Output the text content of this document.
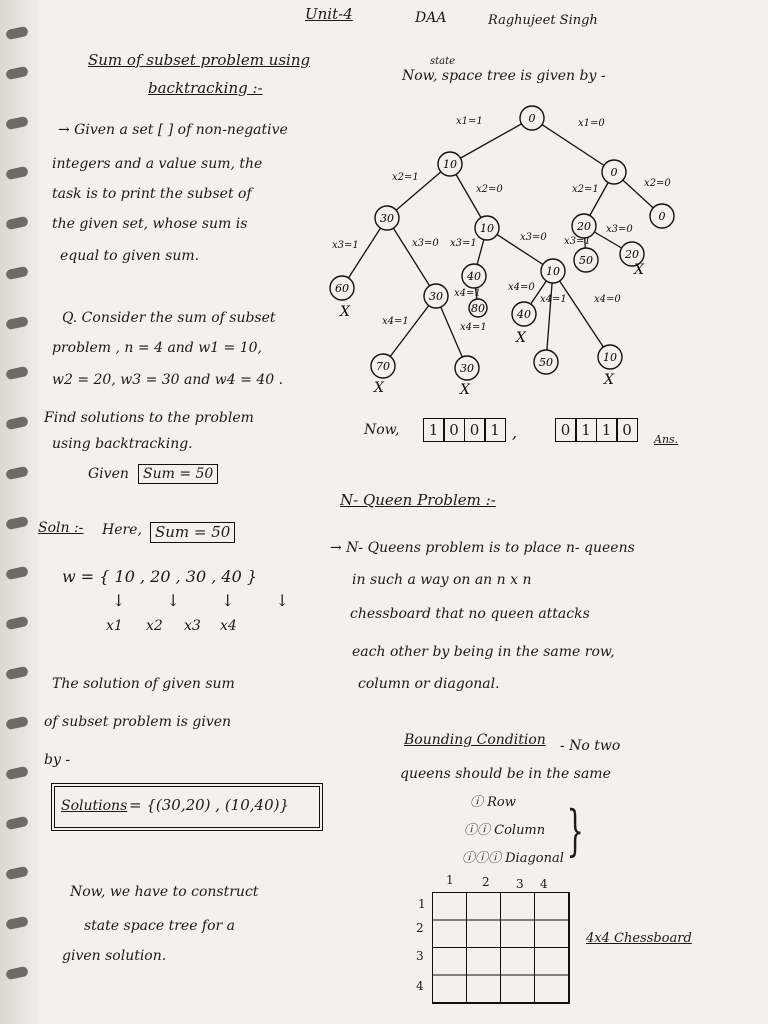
Unit-4	DAA	Raghujeet Singh
Sum of subset problem using
backtracking :-
→ Given a set [ ] of non-negative
integers and a value sum, the
task is to print the subset of
the given set, whose sum is
equal to given sum.
Q. Consider the sum of subset
problem , n = 4 and w1 = 10,
w2 = 20, w3 = 30 and w4 = 40 .
Find solutions to the problem
using backtracking.
Given	Sum = 50
Soln :- Here, Sum = 50
w = { 10 , 20 , 30 , 40 }
↓ ↓ ↓ ↓
x1 x2 x3 x4
The solution of given sum
of subset problem is given
by -
Solutions = {(30,20) , (10,40)}
Now, we have to construct
state space tree for a
given solution.
state
Now, space tree is given by -
0
10
0
30
10	20
0
60
30
40	10
50	20
80	40
70	30	50	10
x1=1	x1=0
x2=1
x2=0	x2=1
x2=0
x3=1	x3=0 x3=1
x3=0 x3=1
x3=0
x4=1
x4=1
x4=1
x4=0
x4=1	x4=0
X
X	X
X
X
X
Now,	1 0 0 1 ,	0 1 1 0
Ans.
N- Queen Problem :-
→ N- Queens problem is to place n- queens
in such a way on an n x n
chessboard that no queen attacks
each other by being in the same row,
column or diagonal.
Bounding Condition - No two
queens should be in the same
ⓘ Row
ⓘⓘ Column
ⓘⓘⓘ Diagonal }
1 2 3 4
1
2
3
4
4x4 Chessboard
